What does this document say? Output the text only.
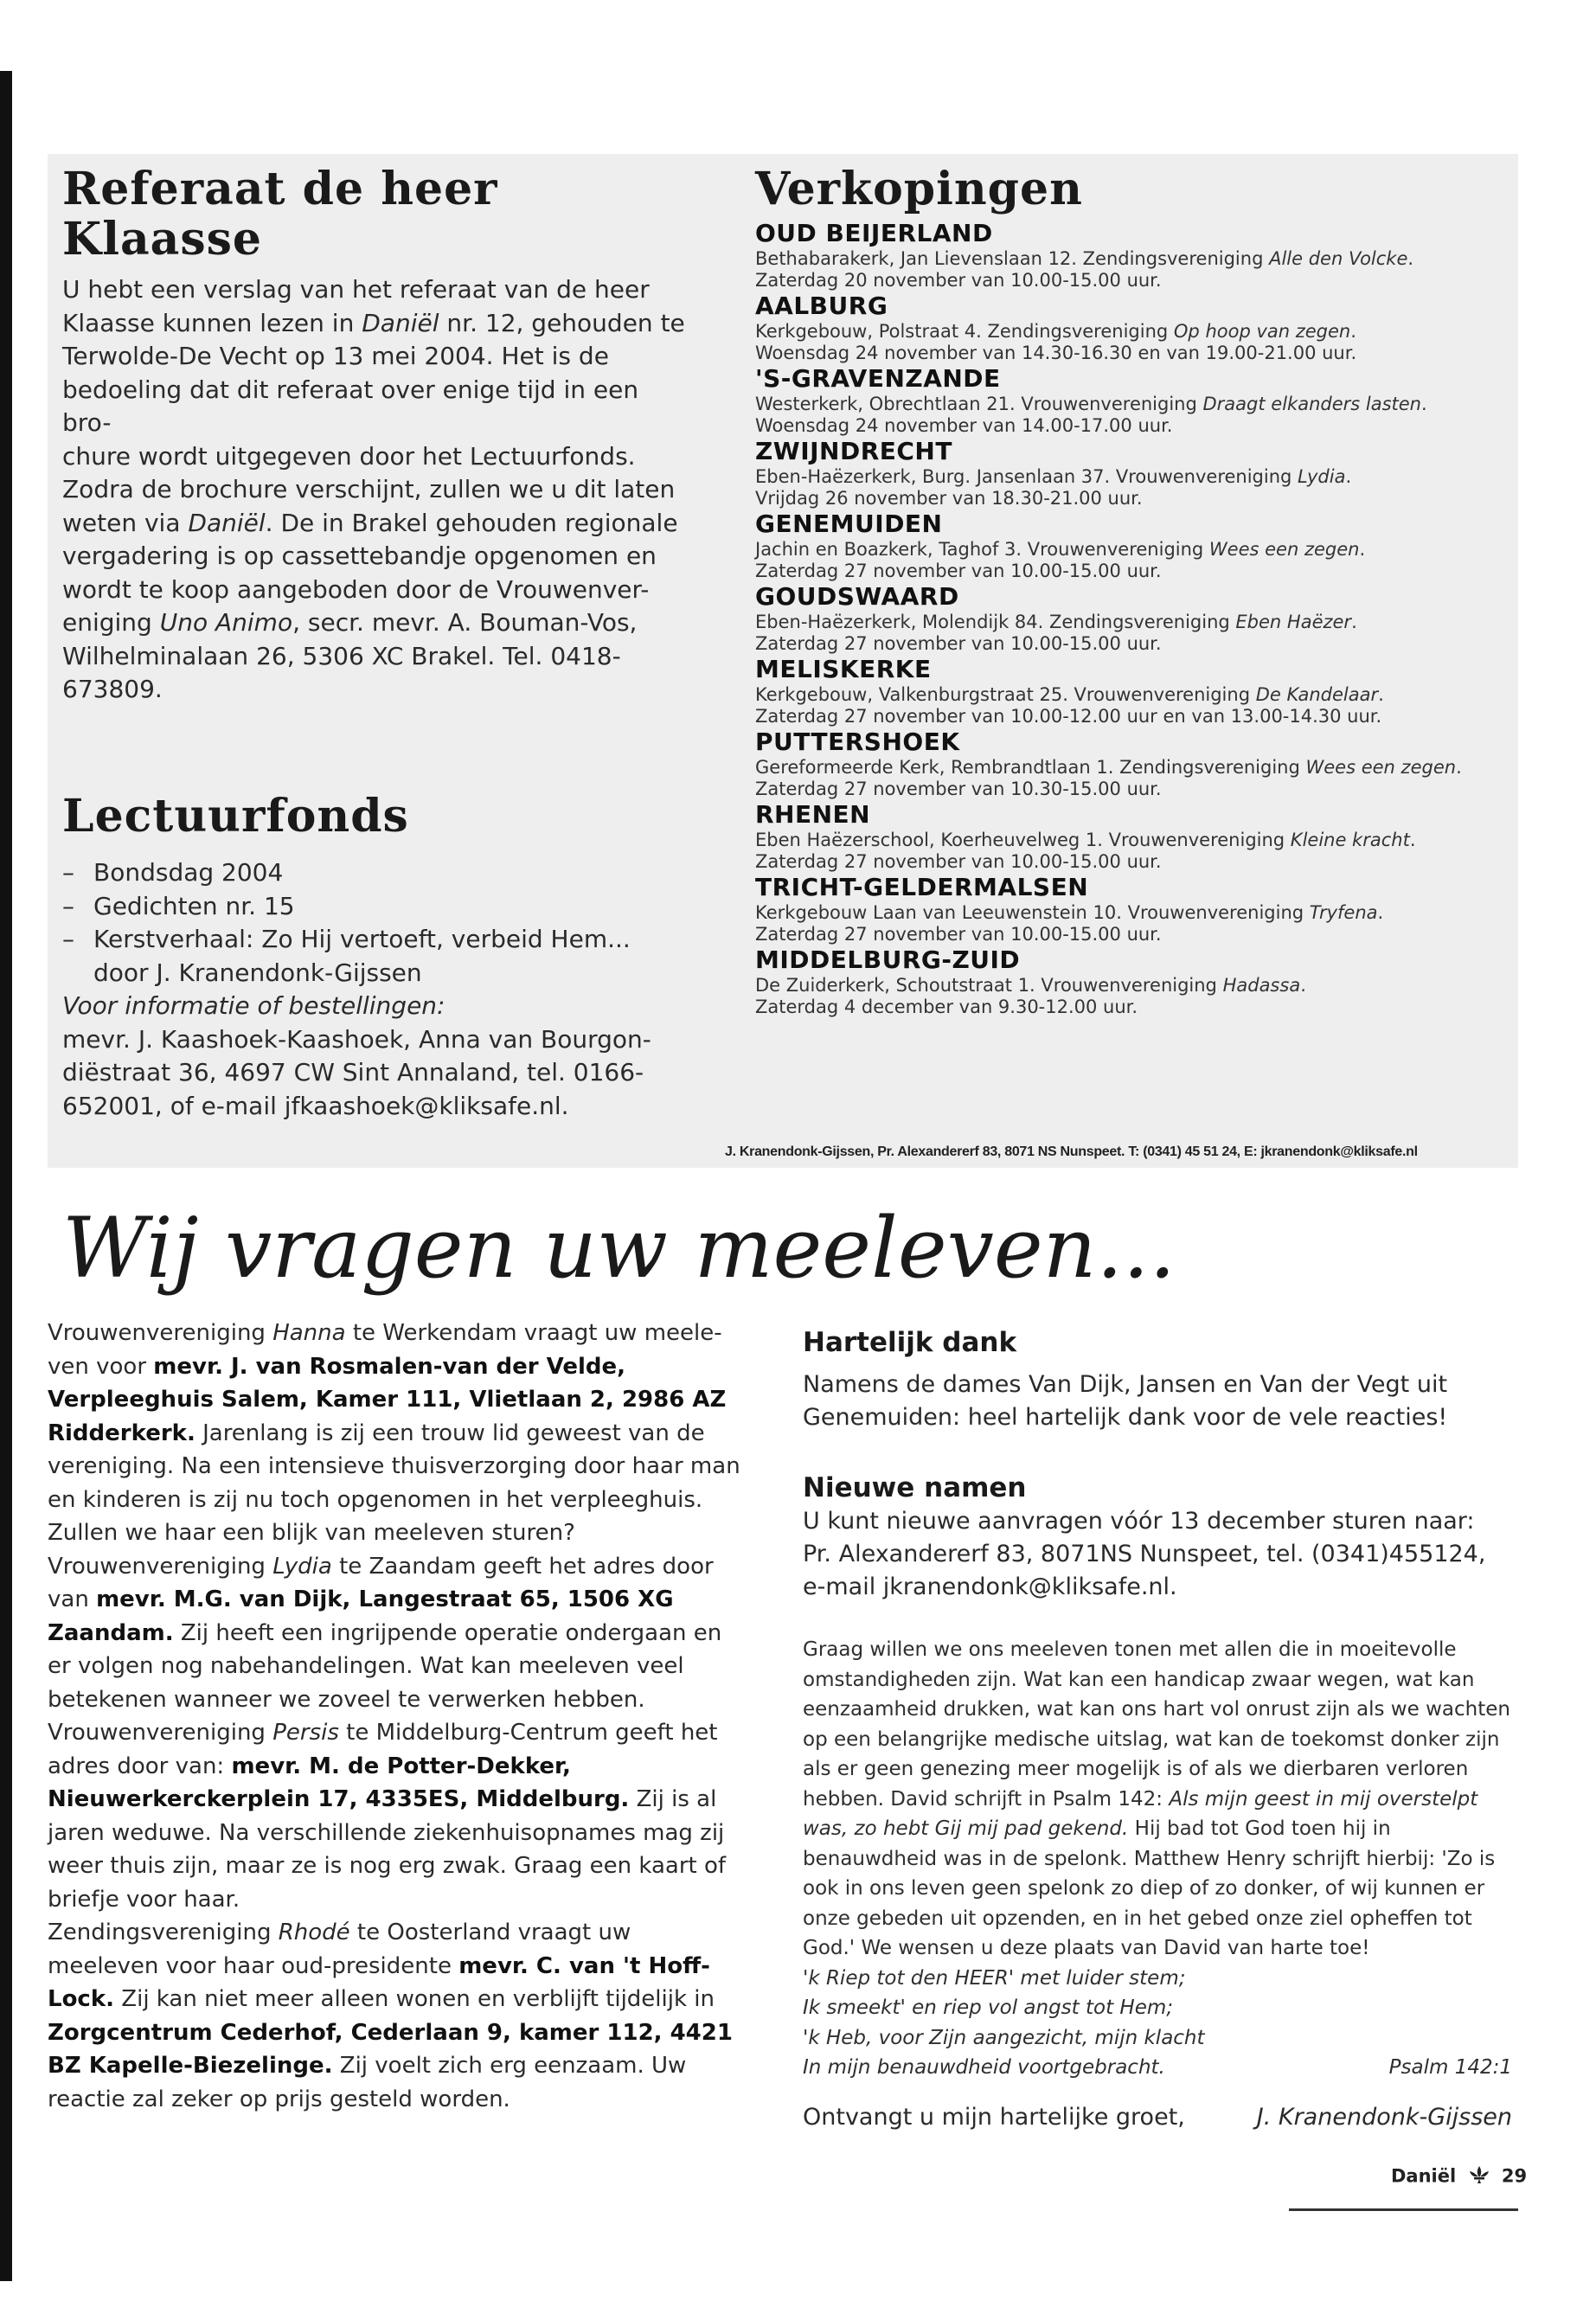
Referaat de heer
Klaasse

U hebt een verslag van het referaat van de heer

Klaasse kunnen lezen in Daniël nr. 12, gehouden te

Terwolde-De Vecht op 13 mei 2004. Het is de

bedoeling dat dit referaat over enige tijd in een bro-

chure wordt uitgegeven door het Lectuurfonds.

Zodra de brochure verschijnt, zullen we u dit laten

weten via Daniël. De in Brakel gehouden regionale

vergadering is op cassettebandje opgenomen en

wordt te koop aangeboden door de Vrouwenver-

eniging Uno Animo, secr. mevr. A. Bouman-Vos,

Wilhelminalaan 26, 5306 XC Brakel. Tel. 0418-

673809.

Lectuurfonds
– Bondsdag 2004
– Gedichten nr. 15
– Kerstverhaal: Zo Hij vertoeft, verbeid Hem...
door J. Kranendonk-Gijssen

Voor informatie of bestellingen:

mevr. J. Kaashoek-Kaashoek, Anna van Bourgon-

diëstraat 36, 4697 CW Sint Annaland, tel. 0166-

652001, of e-mail jfkaashoek@kliksafe.nl.

Verkopingen
OUD BEIJERLAND
Bethabarakerk, Jan Lievenslaan 12. Zendingsvereniging Alle den Volcke.
Zaterdag 20 november van 10.00-15.00 uur.
AALBURG
Kerkgebouw, Polstraat 4. Zendingsvereniging Op hoop van zegen.
Woensdag 24 november van 14.30-16.30 en van 19.00-21.00 uur.
'S-GRAVENZANDE
Westerkerk, Obrechtlaan 21. Vrouwenvereniging Draagt elkanders lasten.
Woensdag 24 november van 14.00-17.00 uur.
ZWIJNDRECHT
Eben-Haëzerkerk, Burg. Jansenlaan 37. Vrouwenvereniging Lydia.
Vrijdag 26 november van 18.30-21.00 uur.
GENEMUIDEN
Jachin en Boazkerk, Taghof 3. Vrouwenvereniging Wees een zegen.
Zaterdag 27 november van 10.00-15.00 uur.
GOUDSWAARD
Eben-Haëzerkerk, Molendijk 84. Zendingsvereniging Eben Haëzer.
Zaterdag 27 november van 10.00-15.00 uur.
MELISKERKE
Kerkgebouw, Valkenburgstraat 25. Vrouwenvereniging De Kandelaar.
Zaterdag 27 november van 10.00-12.00 uur en van 13.00-14.30 uur.
PUTTERSHOEK
Gereformeerde Kerk, Rembrandtlaan 1. Zendingsvereniging Wees een zegen. Zaterdag 27 november van 10.30-15.00 uur.
RHENEN
Eben Haëzerschool, Koerheuvelweg 1. Vrouwenvereniging Kleine kracht.
Zaterdag 27 november van 10.00-15.00 uur.
TRICHT-GELDERMALSEN
Kerkgebouw Laan van Leeuwenstein 10. Vrouwenvereniging Tryfena.
Zaterdag 27 november van 10.00-15.00 uur.
MIDDELBURG-ZUID
De Zuiderkerk, Schoutstraat 1. Vrouwenvereniging Hadassa.
Zaterdag 4 december van 9.30-12.00 uur.
J. Kranendonk-Gijssen, Pr. Alexandererf 83, 8071 NS Nunspeet. T: (0341) 45 51 24, E: jkranendonk@kliksafe.nl
Wij vragen uw meeleven...

Vrouwenvereniging Hanna te Werkendam vraagt uw meele-ven voor mevr. J. van Rosmalen-van der Velde, Verpleeghuis Salem, Kamer 111, Vlietlaan 2, 2986 AZ Ridderkerk. Jarenlang is zij een trouw lid geweest van de vereniging. Na een intensieve thuisverzorging door haar man en kinderen is zij nu toch opgenomen in het verpleeghuis. Zullen we haar een blijk van meeleven sturen?

Vrouwenvereniging Lydia te Zaandam geeft het adres door van mevr. M.G. van Dijk, Langestraat 65, 1506 XG Zaandam. Zij heeft een ingrijpende operatie ondergaan en er volgen nog nabehandelingen. Wat kan meeleven veel betekenen wanneer we zoveel te verwerken hebben.

Vrouwenvereniging Persis te Middelburg-Centrum geeft het adres door van: mevr. M. de Potter-Dekker, Nieuwerkerckerplein 17, 4335ES, Middelburg. Zij is al jaren weduwe. Na verschillende ziekenhuisopnames mag zij weer thuis zijn, maar ze is nog erg zwak. Graag een kaart of briefje voor haar.

Zendingsvereniging Rhodé te Oosterland vraagt uw meeleven voor haar oud-presidente mevr. C. van 't Hoff-Lock. Zij kan niet meer alleen wonen en verblijft tijdelijk in Zorgcentrum Cederhof, Cederlaan 9, kamer 112, 4421 BZ Kapelle-Biezelinge. Zij voelt zich erg eenzaam. Uw reactie zal zeker op prijs gesteld worden.

Hartelijk dank

Namens de dames Van Dijk, Jansen en Van der Vegt uit Genemuiden: heel hartelijk dank voor de vele reacties!

Nieuwe namen

U kunt nieuwe aanvragen vóór 13 december sturen naar:

Pr. Alexandererf 83, 8071NS Nunspeet, tel. (0341)455124,

e-mail jkranendonk@kliksafe.nl.

Graag willen we ons meeleven tonen met allen die in moeitevolle omstandigheden zijn. Wat kan een handicap zwaar wegen, wat kan eenzaamheid drukken, wat kan ons hart vol onrust zijn als we wachten op een belangrijke medische uitslag, wat kan de toekomst donker zijn als er geen genezing meer mogelijk is of als we dierbaren verloren hebben. David schrijft in Psalm 142: Als mijn geest in mij overstelpt was, zo hebt Gij mij pad gekend. Hij bad tot God toen hij in benauwdheid was in de spelonk. Matthew Henry schrijft hierbij: 'Zo is ook in ons leven geen spelonk zo diep of zo donker, of wij kunnen er onze gebeden uit opzenden, en in het gebed onze ziel opheffen tot God.' We wensen u deze plaats van David van harte toe!

'k Riep tot den HEER' met luider stem;
Ik smeekt' en riep vol angst tot Hem;
'k Heb, voor Zijn aangezicht, mijn klacht
In mijn benauwdheid voortgebracht.	Psalm 142:1
Ontvangt u mijn hartelijke groet,	J. Kranendonk-Gijssen
Daniël	29
